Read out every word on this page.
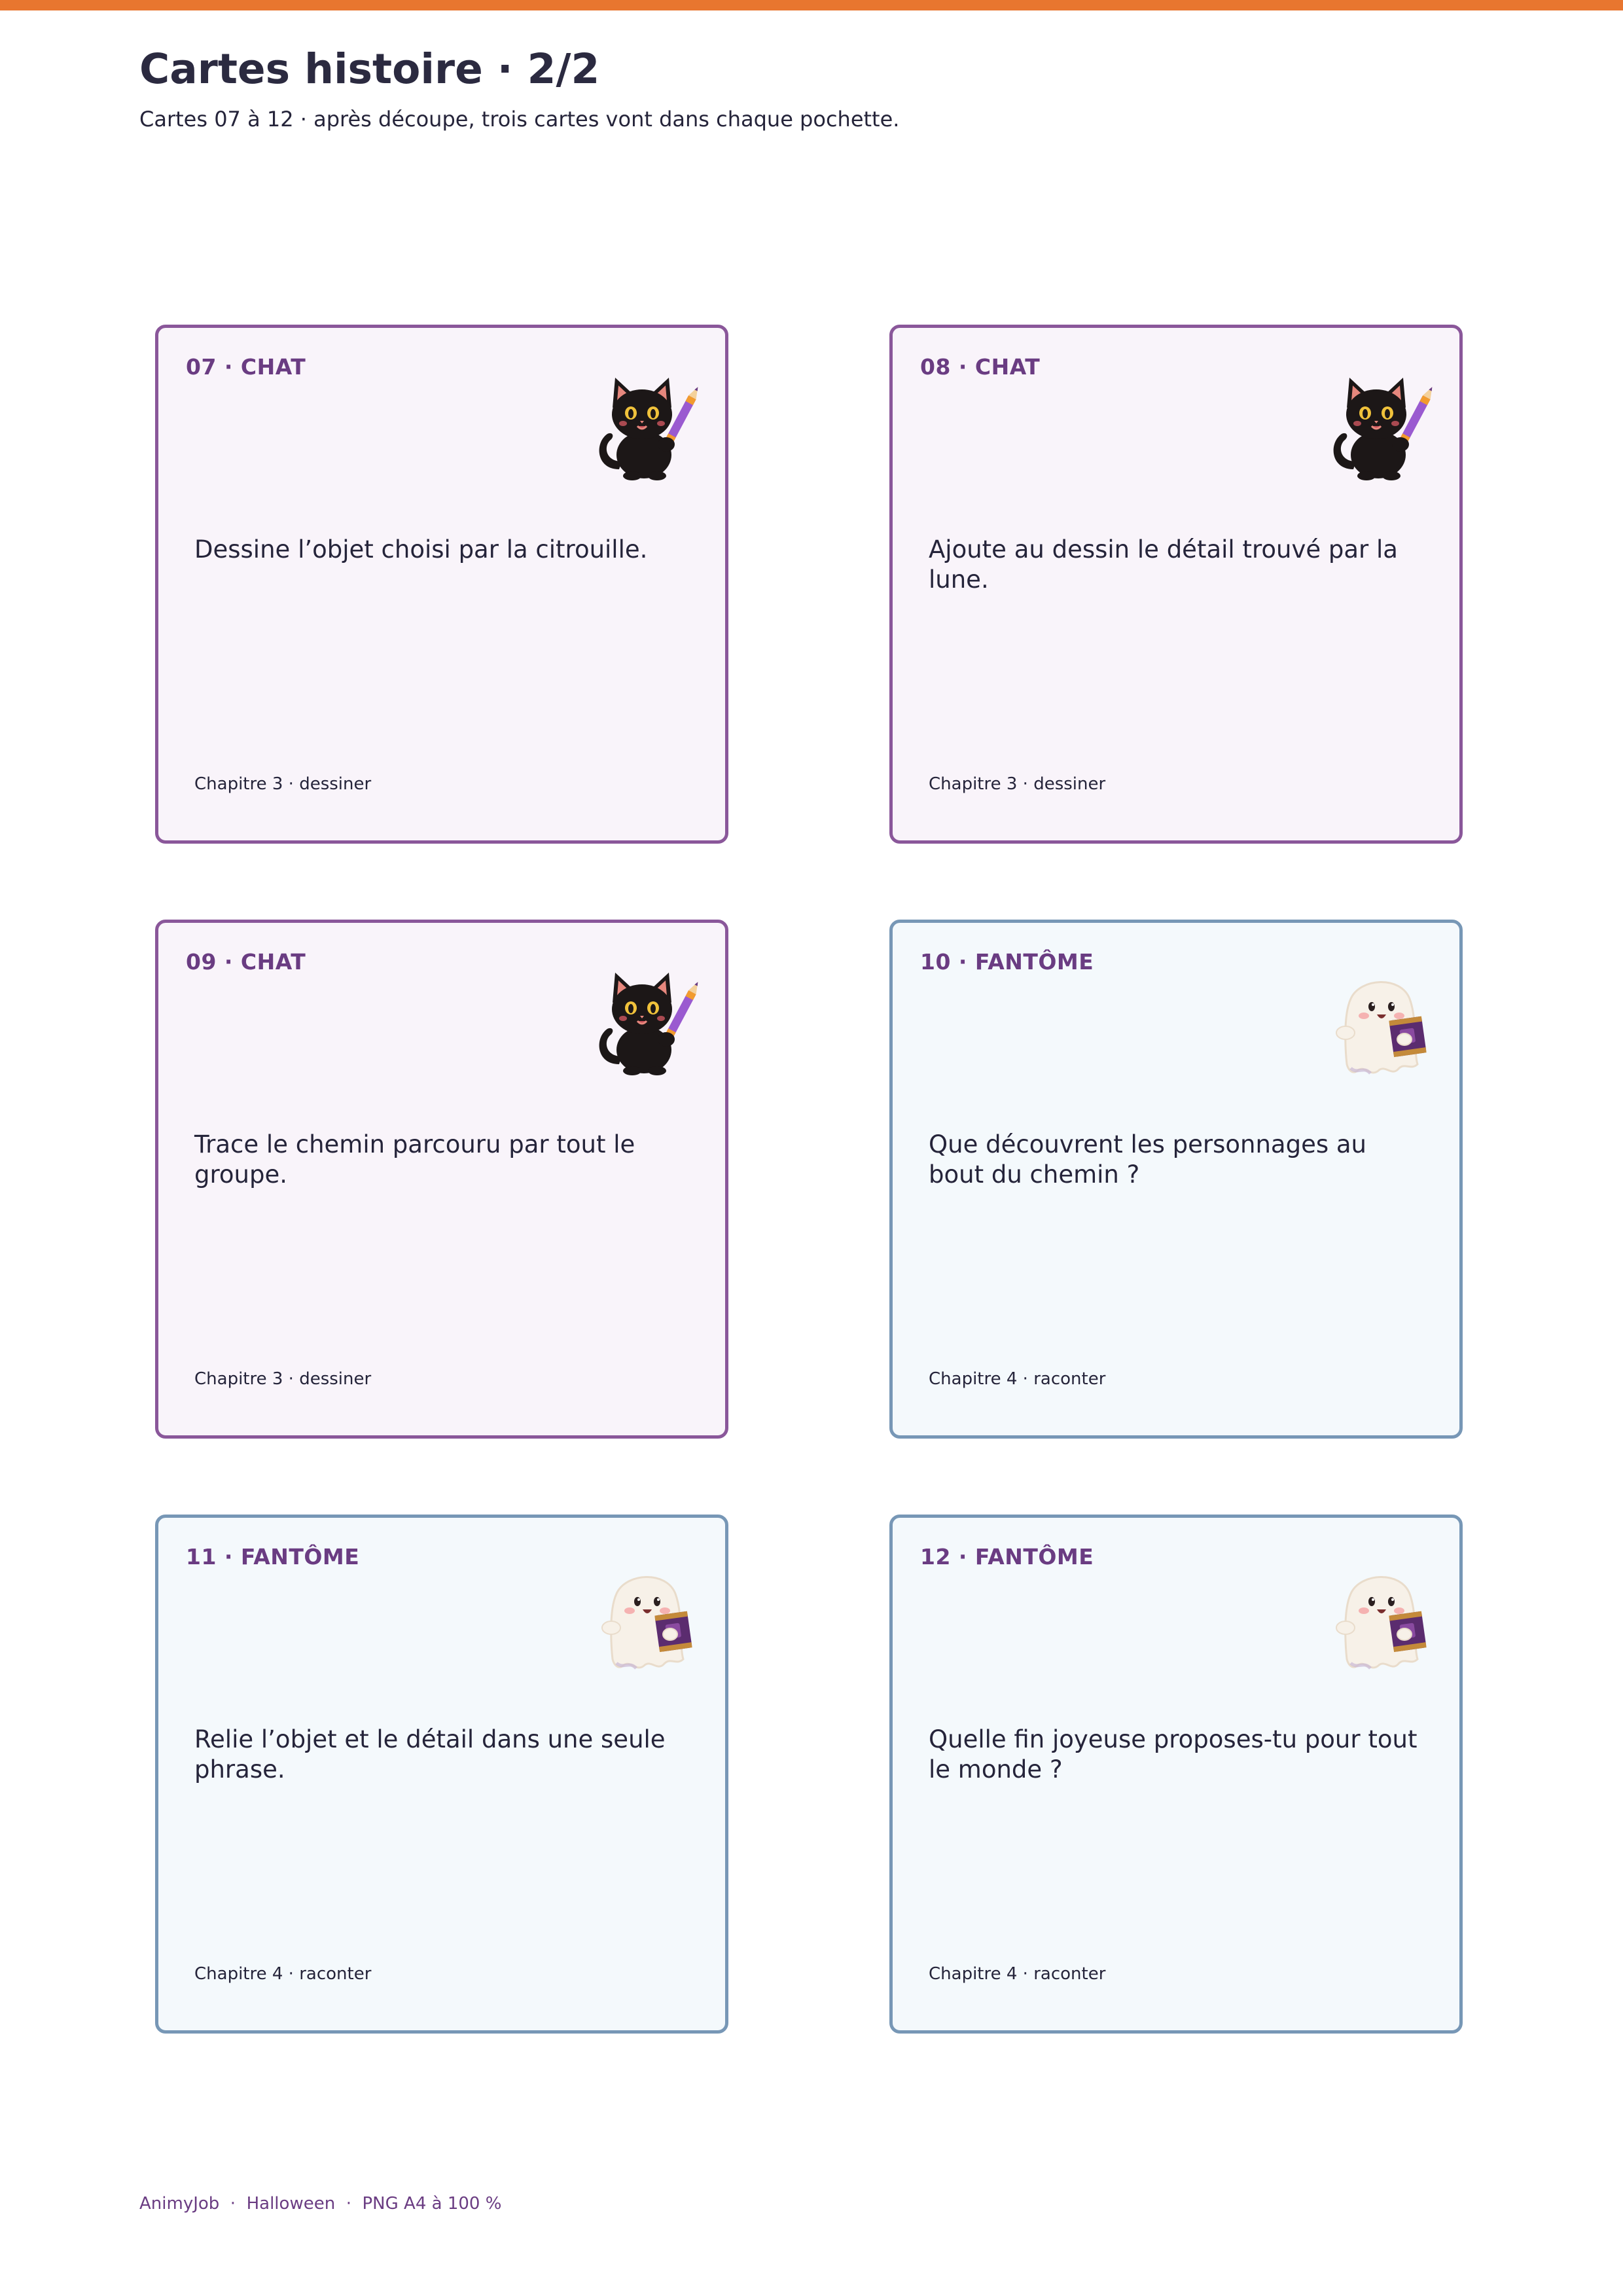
Cartes histoire · 2/2

Cartes 07 à 12 · après découpe, trois cartes vont dans chaque pochette.

07 · CHAT
Dessine l’objet choisi par la citrouille.
Chapitre 3 · dessiner
08 · CHAT
Ajoute au dessin le détail trouvé par la lune.
Chapitre 3 · dessiner
09 · CHAT
Trace le chemin parcouru par tout le groupe.
Chapitre 3 · dessiner
10 · FANTÔME
Que découvrent les personnages au bout du chemin ?
Chapitre 4 · raconter
11 · FANTÔME
Relie l’objet et le détail dans une seule phrase.
Chapitre 4 · raconter
12 · FANTÔME
Quelle fin joyeuse proposes-tu pour tout le monde ?
Chapitre 4 · raconter
AnimyJob  ·  Halloween  ·  PNG A4 à 100 %
